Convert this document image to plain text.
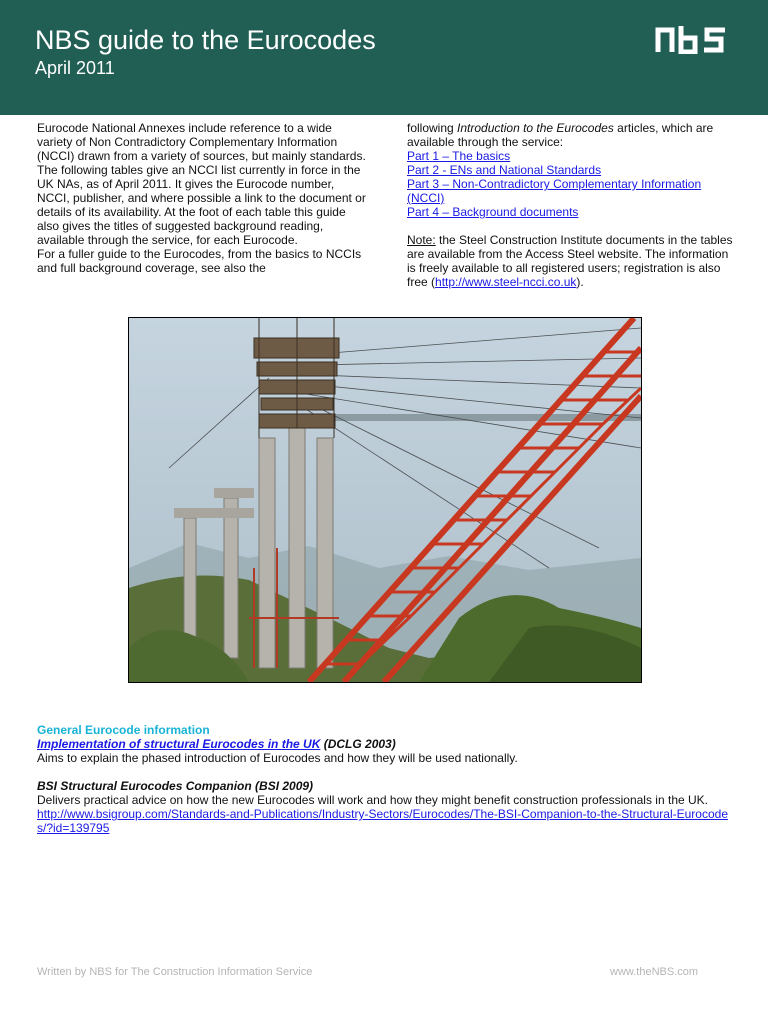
NBS guide to the Eurocodes
April 2011

Eurocode National Annexes include reference to a wide variety of Non Contradictory Complementary Information (NCCI) drawn from a variety of sources, but mainly standards.

The following tables give an NCCI list currently in force in the UK NAs, as of April 2011. It gives the Eurocode number, NCCI, publisher, and where possible a link to the document or details of its availability. At the foot of each table this guide also gives the titles of suggested background reading, available through the service, for each Eurocode.

For a fuller guide to the Eurocodes, from the basics to NCCIs and full background coverage, see also the

following Introduction to the Eurocodes articles, which are available through the service:

Part 1 – The basics

Part 2 - ENs and National Standards

Part 3 – Non-Contradictory Complementary Information (NCCI)

Part 4 – Background documents

Note: the Steel Construction Institute documents in the tables are available from the Access Steel website. The information is freely available to all registered users; registration is also free (http://www.steel-ncci.co.uk).

General Eurocode information

Implementation of structural Eurocodes in the UK (DCLG 2003)

Aims to explain the phased introduction of Eurocodes and how they will be used nationally.

BSI Structural Eurocodes Companion (BSI 2009)

Delivers practical advice on how the new Eurocodes will work and how they might benefit construction professionals in the UK.

http://www.bsigroup.com/Standards-and-Publications/Industry-Sectors/Eurocodes/The-BSI-Companion-to-the-Structural-Eurocodes/?id=139795

Written by NBS for The Construction Information Service	www.theNBS.com
